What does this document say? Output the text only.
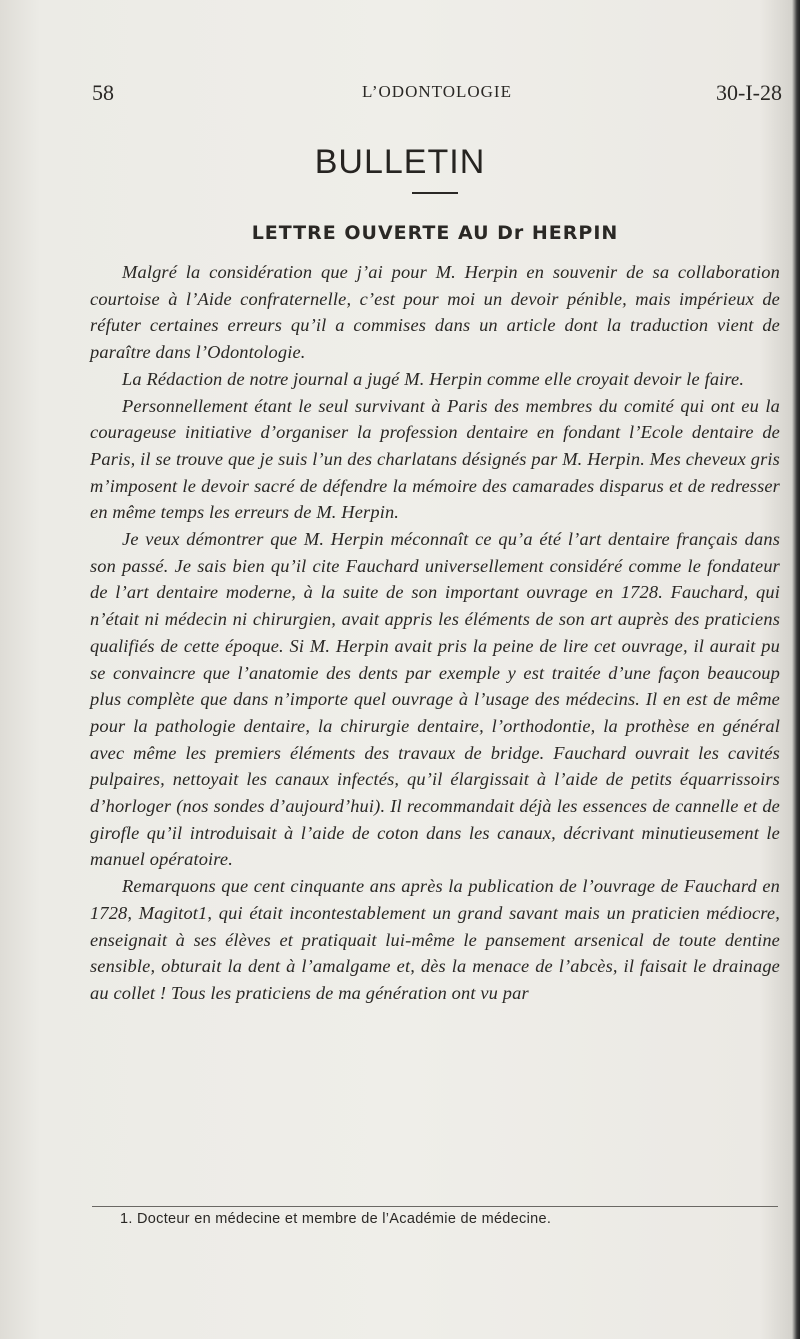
58	L’ODONTOLOGIE	30-I-28
BULLETIN
LETTRE OUVERTE AU Dr HERPIN

Malgré la considération que j’ai pour M. Herpin en souvenir de sa collaboration courtoise à l’Aide confraternelle, c’est pour moi un devoir pénible, mais impérieux de réfuter certaines erreurs qu’il a commises dans un article dont la traduction vient de paraître dans l’Odontologie.

La Rédaction de notre journal a jugé M. Herpin comme elle croyait devoir le faire.

Personnellement étant le seul survivant à Paris des membres du comité qui ont eu la courageuse initiative d’organiser la profession dentaire en fondant l’Ecole dentaire de Paris, il se trouve que je suis l’un des charlatans désignés par M. Herpin. Mes cheveux gris m’imposent le devoir sacré de défendre la mémoire des camarades disparus et de redresser en même temps les erreurs de M. Herpin.

Je veux démontrer que M. Herpin méconnaît ce qu’a été l’art dentaire français dans son passé. Je sais bien qu’il cite Fauchard universellement considéré comme le fondateur de l’art dentaire moderne, à la suite de son important ouvrage en 1728. Fauchard, qui n’était ni médecin ni chirurgien, avait appris les éléments de son art auprès des praticiens qualifiés de cette époque. Si M. Herpin avait pris la peine de lire cet ouvrage, il aurait pu se convaincre que l’anatomie des dents par exemple y est traitée d’une façon beaucoup plus complète que dans n’importe quel ouvrage à l’usage des médecins. Il en est de même pour la pathologie dentaire, la chirurgie dentaire, l’orthodontie, la prothèse en général avec même les premiers éléments des travaux de bridge. Fauchard ouvrait les cavités pulpaires, nettoyait les canaux infectés, qu’il élargissait à l’aide de petits équarrissoirs d’horloger (nos sondes d’aujourd’hui). Il recommandait déjà les essences de cannelle et de girofle qu’il introduisait à l’aide de coton dans les canaux, décrivant minutieusement le manuel opératoire.

Remarquons que cent cinquante ans après la publication de l’ouvrage de Fauchard en 1728, Magitot1, qui était incontestablement un grand savant mais un praticien médiocre, enseignait à ses élèves et pratiquait lui-même le pansement arsenical de toute dentine sensible, obturait la dent à l’amalgame et, dès la menace de l’abcès, il faisait le drainage au collet ! Tous les praticiens de ma génération ont vu par

1. Docteur en médecine et membre de l’Académie de médecine.
